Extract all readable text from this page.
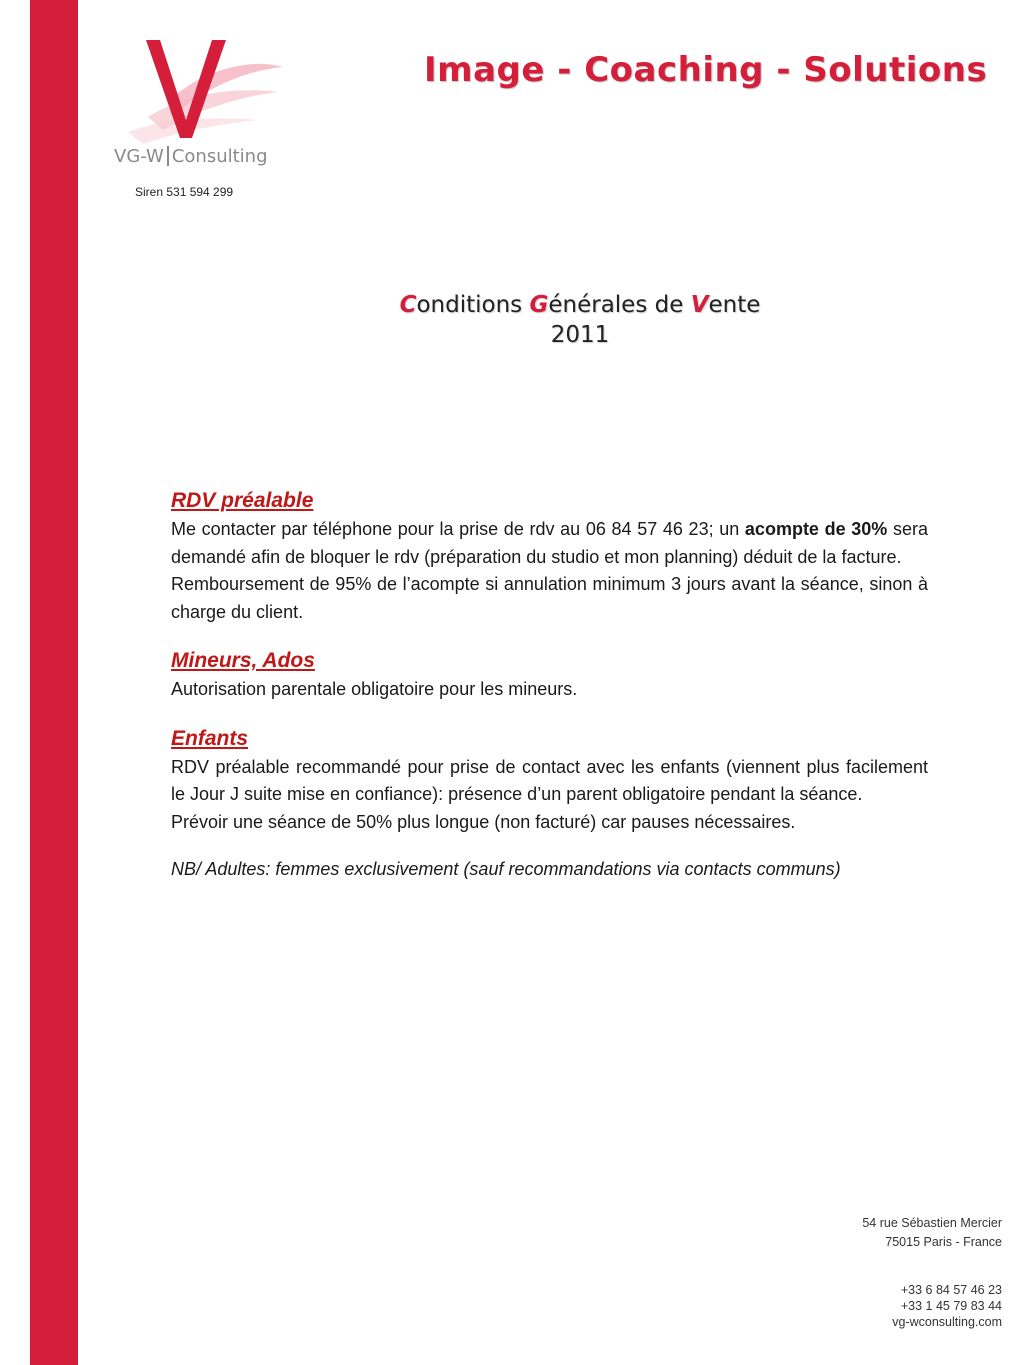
VG-W Consulting
Siren 531 594 299
Image - Coaching - Solutions
Conditions Générales de Vente
2011
RDV préalable

Me contacter par téléphone pour la prise de rdv au 06 84 57 46 23; un acompte de 30% sera demandé afin de bloquer le rdv (préparation du studio et mon planning) déduit de la facture.

Remboursement de 95% de l’acompte si annulation minimum 3 jours avant la séance, sinon à charge du client.

Mineurs, Ados

Autorisation parentale obligatoire pour les mineurs.

Enfants

RDV préalable recommandé pour prise de contact avec les enfants (viennent plus facilement le Jour J suite mise en confiance): présence d’un parent obligatoire pendant la séance.

Prévoir une séance de 50% plus longue (non facturé) car pauses nécessaires.

NB/ Adultes: femmes exclusivement (sauf recommandations via contacts communs)

54 rue Sébastien Mercier
75015 Paris - France
+33 6 84 57 46 23
+33 1 45 79 83 44
vg-wconsulting.com
